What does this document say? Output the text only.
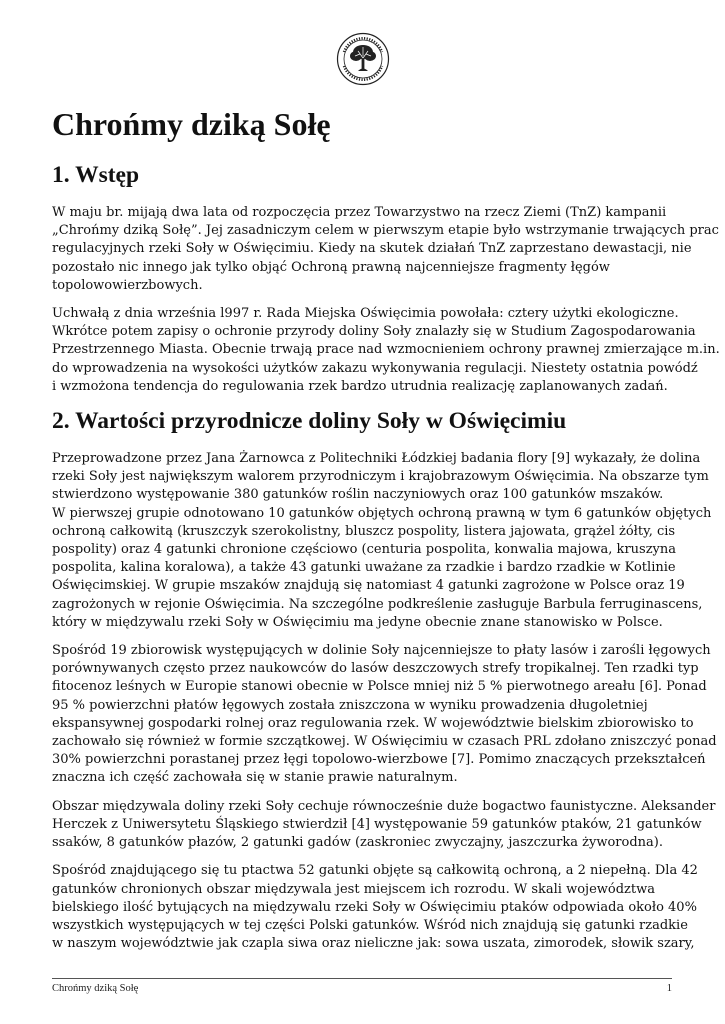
Chrońmy dziką Sołę
1. Wstęp
W maju br. mijają dwa lata od rozpoczęcia przez Towarzystwo na rzecz Ziemi (TnZ) kampanii
„Chrońmy dziką Sołę”. Jej zasadniczym celem w pierwszym etapie było wstrzymanie trwających prac
regulacyjnych rzeki Soły w Oświęcimiu. Kiedy na skutek działań TnZ zaprzestano dewastacji, nie
pozostało nic innego jak tylko objąć Ochroną prawną najcenniejsze fragmenty łęgów
topolowowierzbowych.
Uchwałą z dnia września l997 r. Rada Miejska Oświęcimia powołała: cztery użytki ekologiczne.
Wkrótce potem zapisy o ochronie przyrody doliny Soły znalazły się w Studium Zagospodarowania
Przestrzennego Miasta. Obecnie trwają prace nad wzmocnieniem ochrony prawnej zmierzające m.in.
do wprowadzenia na wysokości użytków zakazu wykonywania regulacji. Niestety ostatnia powódź
i wzmożona tendencja do regulowania rzek bardzo utrudnia realizację zaplanowanych zadań.
2. Wartości przyrodnicze doliny Soły w Oświęcimiu
Przeprowadzone przez Jana Żarnowca z Politechniki Łódzkiej badania flory [9] wykazały, że dolina
rzeki Soły jest największym walorem przyrodniczym i krajobrazowym Oświęcimia. Na obszarze tym
stwierdzono występowanie 380 gatunków roślin naczyniowych oraz 100 gatunków mszaków.
W pierwszej grupie odnotowano 10 gatunków objętych ochroną prawną w tym 6 gatunków objętych
ochroną całkowitą (kruszczyk szerokolistny, bluszcz pospolity, listera jajowata, grążel żółty, cis
pospolity) oraz 4 gatunki chronione częściowo (centuria pospolita, konwalia majowa, kruszyna
pospolita, kalina koralowa), a także 43 gatunki uważane za rzadkie i bardzo rzadkie w Kotlinie
Oświęcimskiej. W grupie mszaków znajdują się natomiast 4 gatunki zagrożone w Polsce oraz 19
zagrożonych w rejonie Oświęcimia. Na szczególne podkreślenie zasługuje Barbula ferruginascens,
który w międzywalu rzeki Soły w Oświęcimiu ma jedyne obecnie znane stanowisko w Polsce.
Spośród 19 zbiorowisk występujących w dolinie Soły najcenniejsze to płaty lasów i zarośli łęgowych
porównywanych często przez naukowców do lasów deszczowych strefy tropikalnej. Ten rzadki typ
fitocenoz leśnych w Europie stanowi obecnie w Polsce mniej niż 5 % pierwotnego areału [6]. Ponad
95 % powierzchni płatów łęgowych została zniszczona w wyniku prowadzenia długoletniej
ekspansywnej gospodarki rolnej oraz regulowania rzek. W województwie bielskim zbiorowisko to
zachowało się również w formie szczątkowej. W Oświęcimiu w czasach PRL zdołano zniszczyć ponad
30% powierzchni porastanej przez łęgi topolowo-wierzbowe [7]. Pomimo znaczących przekształceń
znaczna ich część zachowała się w stanie prawie naturalnym.
Obszar międzywala doliny rzeki Soły cechuje równocześnie duże bogactwo faunistyczne. Aleksander
Herczek z Uniwersytetu Śląskiego stwierdził [4] występowanie 59 gatunków ptaków, 21 gatunków
ssaków, 8 gatunków płazów, 2 gatunki gadów (zaskroniec zwyczajny, jaszczurka żyworodna).
Spośród znajdującego się tu ptactwa 52 gatunki objęte są całkowitą ochroną, a 2 niepełną. Dla 42
gatunków chronionych obszar międzywala jest miejscem ich rozrodu. W skali województwa
bielskiego ilość bytujących na międzywalu rzeki Soły w Oświęcimiu ptaków odpowiada około 40%
wszystkich występujących w tej części Polski gatunków. Wśród nich znajdują się gatunki rzadkie
w naszym województwie jak czapla siwa oraz nieliczne jak: sowa uszata, zimorodek, słowik szary,
Chrońmy dziką Sołę	1
